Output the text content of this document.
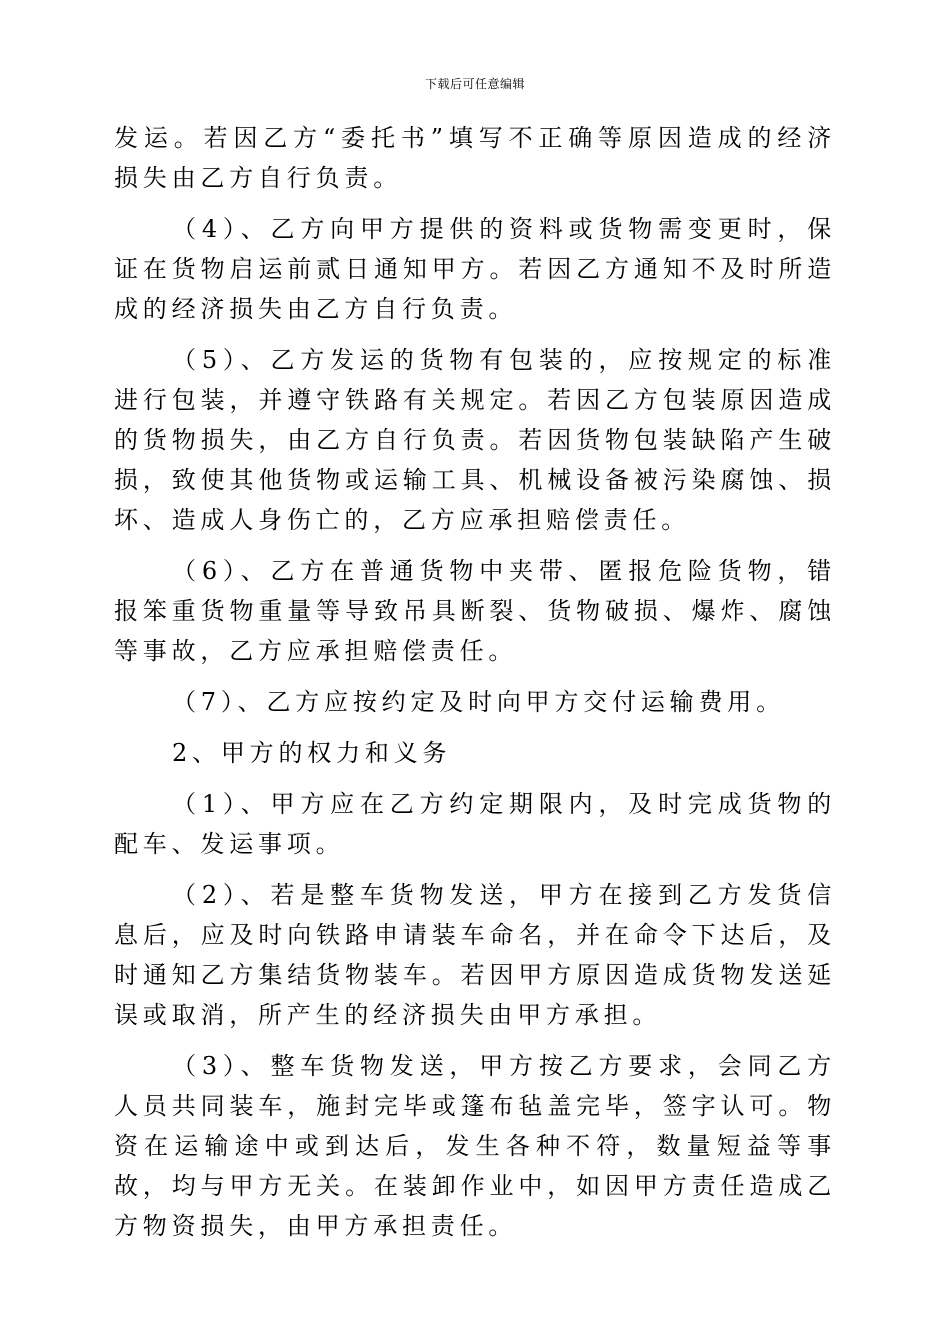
下载后可任意编辑

发运。若因乙方“委托书”填写不正确等原因造成的经济损失由乙方自行负责。

（4）、乙方向甲方提供的资料或货物需变更时，保证在货物启运前贰日通知甲方。若因乙方通知不及时所造成的经济损失由乙方自行负责。

（5）、乙方发运的货物有包装的，应按规定的标准进行包装，并遵守铁路有关规定。若因乙方包装原因造成的货物损失，由乙方自行负责。若因货物包装缺陷产生破损，致使其他货物或运输工具、机械设备被污染腐蚀、损坏、造成人身伤亡的，乙方应承担赔偿责任。

（6）、乙方在普通货物中夹带、匿报危险货物，错报笨重货物重量等导致吊具断裂、货物破损、爆炸、腐蚀等事故，乙方应承担赔偿责任。

（7）、乙方应按约定及时向甲方交付运输费用。

2、甲方的权力和义务

（1）、甲方应在乙方约定期限内，及时完成货物的配车、发运事项。

（2）、若是整车货物发送，甲方在接到乙方发货信息后，应及时向铁路申请装车命名，并在命令下达后，及时通知乙方集结货物装车。若因甲方原因造成货物发送延误或取消，所产生的经济损失由甲方承担。

（3）、整车货物发送，甲方按乙方要求，会同乙方人员共同装车，施封完毕或篷布毡盖完毕，签字认可。物资在运输途中或到达后，发生各种不符，数量短益等事故，均与甲方无关。在装卸作业中，如因甲方责任造成乙方物资损失，由甲方承担责任。
